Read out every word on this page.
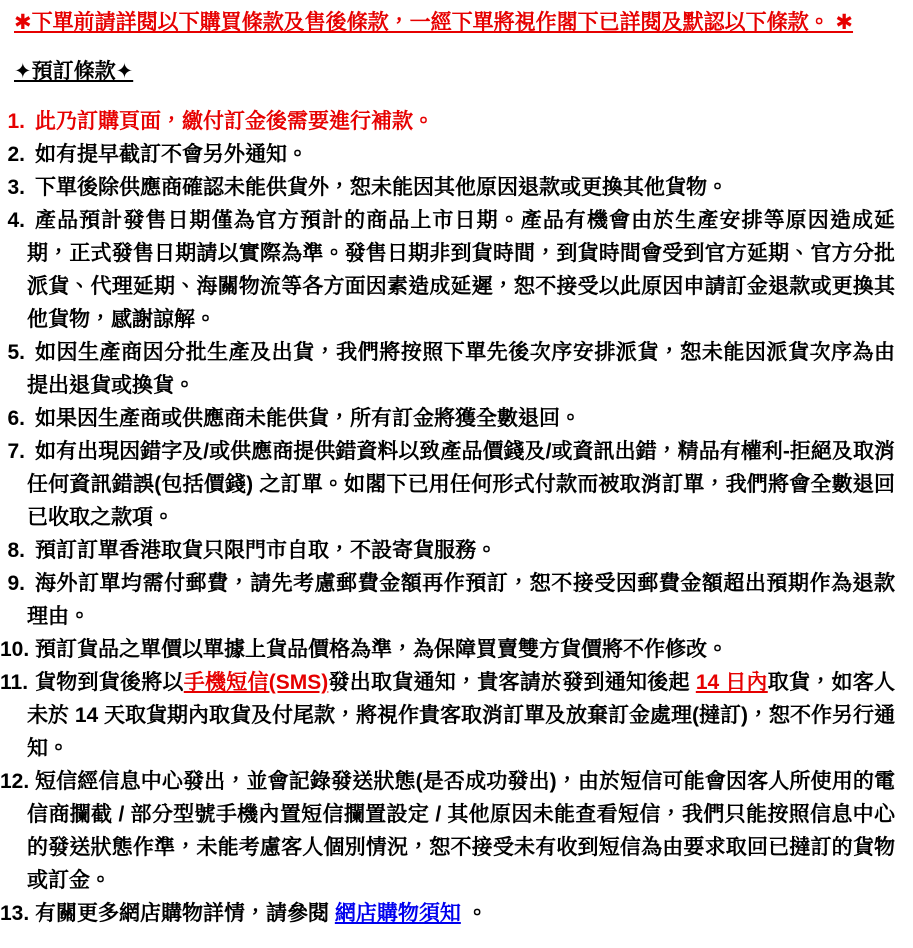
✱下單前請詳閱以下購買條款及售後條款，一經下單將視作閣下已詳閱及默認以下條款。 ✱
✦預訂條款✦
1. 此乃訂購頁面，繳付訂金後需要進行補款。
2. 如有提早截訂不會另外通知。
3. 下單後除供應商確認未能供貨外，恕未能因其他原因退款或更換其他貨物。
4. 產品預計發售日期僅為官方預計的商品上市日期。產品有機會由於生產安排等原因造成延期，正式發售日期請以實際為準。發售日期非到貨時間，到貨時間會受到官方延期、官方分批派貨、代理延期、海關物流等各方面因素造成延遲，恕不接受以此原因申請訂金退款或更換其他貨物，感謝諒解。
5. 如因生產商因分批生產及出貨，我們將按照下單先後次序安排派貨，恕未能因派貨次序為由提出退貨或換貨。
6. 如果因生產商或供應商未能供貨，所有訂金將獲全數退回。
7. 如有出現因錯字及/或供應商提供錯資料以致產品價錢及/或資訊出錯，精品有權利-拒絕及取消任何資訊錯誤(包括價錢) 之訂單。如閣下已用任何形式付款而被取消訂單，我們將會全數退回已收取之款項。
8. 預訂訂單香港取貨只限門市自取，不設寄貨服務。
9. 海外訂單均需付郵費，請先考慮郵費金額再作預訂，恕不接受因郵費金額超出預期作為退款理由。
10. 預訂貨品之單價以單據上貨品價格為準，為保障買賣雙方貨價將不作修改。
11. 貨物到貨後將以手機短信(SMS)發出取貨通知，貴客請於發到通知後起 14 日內取貨，如客人未於 14 天取貨期內取貨及付尾款，將視作貴客取消訂單及放棄訂金處理(撻訂)，恕不作另行通知。
12. 短信經信息中心發出，並會記錄發送狀態(是否成功發出)，由於短信可能會因客人所使用的電信商攔截 / 部分型號手機內置短信攔置設定 / 其他原因未能查看短信，我們只能按照信息中心的發送狀態作準，未能考慮客人個別情況，恕不接受未有收到短信為由要求取回已撻訂的貨物或訂金。
13. 有關更多網店購物詳情，請參閱 網店購物須知 。
